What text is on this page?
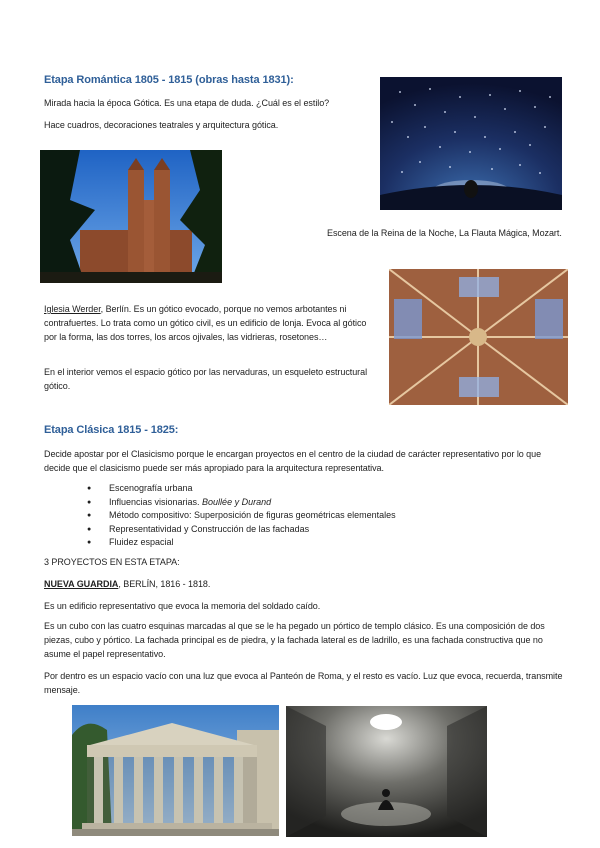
Etapa Romántica 1805 - 1815 (obras hasta 1831):
Mirada hacia la época Gótica. Es una etapa de duda. ¿Cuál es el estilo?
Hace cuadros, decoraciones teatrales y arquitectura gótica.
Escena de la Reina de la Noche, La Flauta Mágica, Mozart.
Iglesia Werder, Berlín. Es un gótico evocado, porque no vemos arbotantes ni contrafuertes. Lo trata como un gótico civil, es un edificio de lonja. Evoca al gótico por la forma, las dos torres, los arcos ojivales, las vidrieras, rosetones…
En el interior vemos el espacio gótico por las nervaduras, un esqueleto estructural gótico.
Etapa Clásica 1815 - 1825:
Decide apostar por el Clasicismo porque le encargan proyectos en el centro de la ciudad de carácter representativo por lo que decide que el clasicismo puede ser más apropiado para la arquitectura representativa.
● Escenografía urbana
● Influencias visionarias. Boullée y Durand
● Método compositivo: Superposición de figuras geométricas elementales
● Representatividad y Construcción de las fachadas
● Fluidez espacial
3 PROYECTOS EN ESTA ETAPA:
NUEVA GUARDIA, BERLÍN, 1816 - 1818.
Es un edificio representativo que evoca la memoria del soldado caído.
Es un cubo con las cuatro esquinas marcadas al que se le ha pegado un pórtico de templo clásico. Es una composición de dos piezas, cubo y pórtico. La fachada principal es de piedra, y la fachada lateral es de ladrillo, es una fachada constructiva que no asume el papel representativo.
Por dentro es un espacio vacío con una luz que evoca al Panteón de Roma, y el resto es vacío. Luz que evoca, recuerda, transmite mensaje.
